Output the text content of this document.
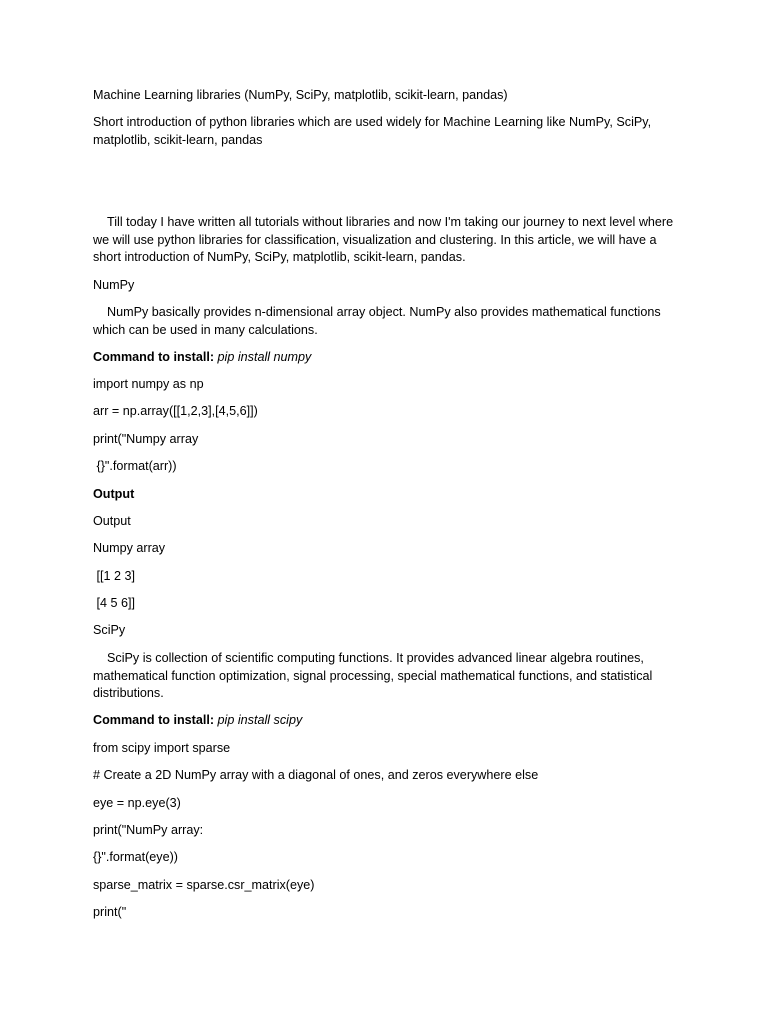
Machine Learning libraries (NumPy, SciPy, matplotlib, scikit-learn, pandas)

Short introduction of python libraries which are used widely for Machine Learning like NumPy, SciPy, matplotlib, scikit-learn, pandas

Till today I have written all tutorials without libraries and now I'm taking our journey to next level where we will use python libraries for classification, visualization and clustering. In this article, we will have a short introduction of NumPy, SciPy, matplotlib, scikit-learn, pandas.

NumPy

NumPy basically provides n-dimensional array object. NumPy also provides mathematical functions which can be used in many calculations.

Command to install: pip install numpy

import numpy as np

arr = np.array([[1,2,3],[4,5,6]])

print("Numpy array

{}".format(arr))

Output

Output

Numpy array

[[1 2 3]

[4 5 6]]

SciPy

SciPy is collection of scientific computing functions. It provides advanced linear algebra routines, mathematical function optimization, signal processing, special mathematical functions, and statistical distributions.

Command to install: pip install scipy

from scipy import sparse

# Create a 2D NumPy array with a diagonal of ones, and zeros everywhere else

eye = np.eye(3)

print("NumPy array:

{}".format(eye))

sparse_matrix = sparse.csr_matrix(eye)

print("
